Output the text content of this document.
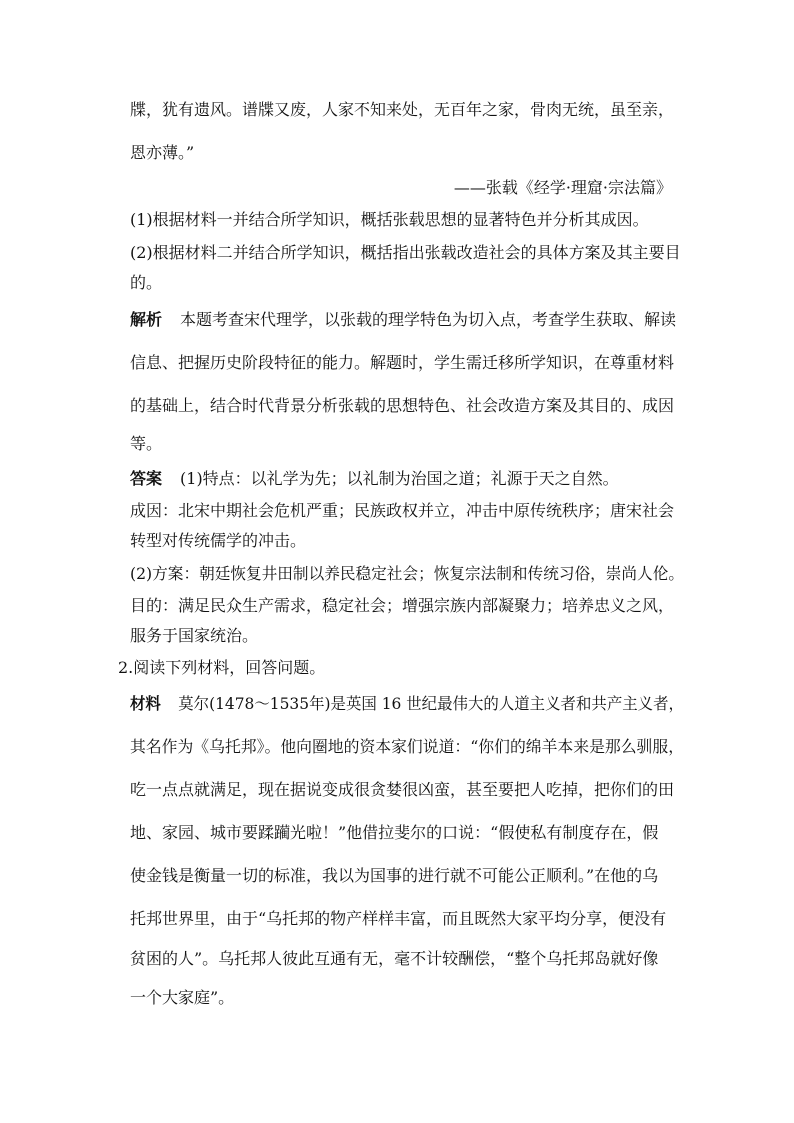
牒，犹有遗风。谱牒又废，人家不知来处，无百年之家，骨肉无统，虽至亲，
恩亦薄。”
——张载《经学·理窟·宗法篇》
(1)根据材料一并结合所学知识，概括张载思想的显著特色并分析其成因。
(2)根据材料二并结合所学知识，概括指出张载改造社会的具体方案及其主要目
的。
解析 本题考查宋代理学，以张载的理学特色为切入点，考查学生获取、解读
信息、把握历史阶段特征的能力。解题时，学生需迁移所学知识，在尊重材料
的基础上，结合时代背景分析张载的思想特色、社会改造方案及其目的、成因
等。
答案 (1)特点：以礼学为先；以礼制为治国之道；礼源于天之自然。
成因：北宋中期社会危机严重；民族政权并立，冲击中原传统秩序；唐宋社会
转型对传统儒学的冲击。
(2)方案：朝廷恢复井田制以养民稳定社会；恢复宗法制和传统习俗，崇尚人伦。
目的：满足民众生产需求，稳定社会；增强宗族内部凝聚力；培养忠义之风，
服务于国家统治。
2.阅读下列材料，回答问题。
材料 莫尔(1478～1535年)是英国 16 世纪最伟大的人道主义者和共产主义者，
其名作为《乌托邦》。他向圈地的资本家们说道：“你们的绵羊本来是那么驯服，
吃一点点就满足，现在据说变成很贪婪很凶蛮，甚至要把人吃掉，把你们的田
地、家园、城市要蹂躏光啦！”他借拉斐尔的口说：“假使私有制度存在，假
使金钱是衡量一切的标准，我以为国事的进行就不可能公正顺利。”在他的乌
托邦世界里，由于“乌托邦的物产样样丰富，而且既然大家平均分享，便没有
贫困的人”。乌托邦人彼此互通有无，毫不计较酬偿，“整个乌托邦岛就好像
一个大家庭”。
